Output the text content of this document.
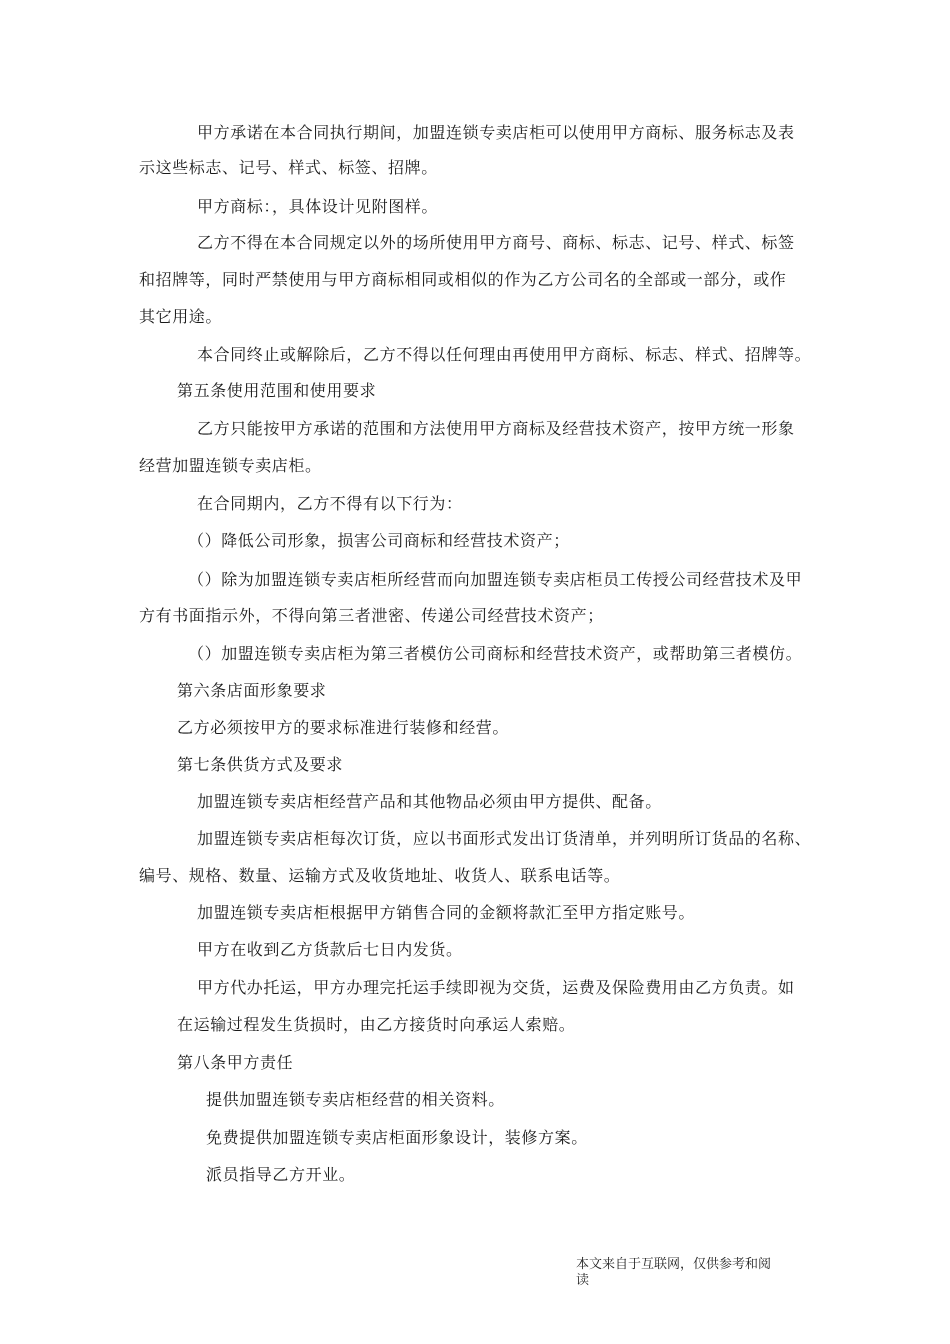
甲方承诺在本合同执行期间，加盟连锁专卖店柜可以使用甲方商标、服务标志及表
示这些标志、记号、样式、标签、招牌。
甲方商标：，具体设计见附图样。
乙方不得在本合同规定以外的场所使用甲方商号、商标、标志、记号、样式、标签
和招牌等，同时严禁使用与甲方商标相同或相似的作为乙方公司名的全部或一部分，或作
其它用途。
本合同终止或解除后，乙方不得以任何理由再使用甲方商标、标志、样式、招牌等。
第五条使用范围和使用要求
乙方只能按甲方承诺的范围和方法使用甲方商标及经营技术资产，按甲方统一形象
经营加盟连锁专卖店柜。
在合同期内，乙方不得有以下行为：
（）降低公司形象，损害公司商标和经营技术资产；
（）除为加盟连锁专卖店柜所经营而向加盟连锁专卖店柜员工传授公司经营技术及甲
方有书面指示外，不得向第三者泄密、传递公司经营技术资产；
（）加盟连锁专卖店柜为第三者模仿公司商标和经营技术资产，或帮助第三者模仿。
第六条店面形象要求
乙方必须按甲方的要求标准进行装修和经营。
第七条供货方式及要求
加盟连锁专卖店柜经营产品和其他物品必须由甲方提供、配备。
加盟连锁专卖店柜每次订货，应以书面形式发出订货清单，并列明所订货品的名称、
编号、规格、数量、运输方式及收货地址、收货人、联系电话等。
加盟连锁专卖店柜根据甲方销售合同的金额将款汇至甲方指定账号。
甲方在收到乙方货款后七日内发货。
甲方代办托运，甲方办理完托运手续即视为交货，运费及保险费用由乙方负责。如
在运输过程发生货损时，由乙方接货时向承运人索赔。
第八条甲方责任
提供加盟连锁专卖店柜经营的相关资料。
免费提供加盟连锁专卖店柜面形象设计，装修方案。
派员指导乙方开业。
本文来自于互联网，仅供参考和阅
读
